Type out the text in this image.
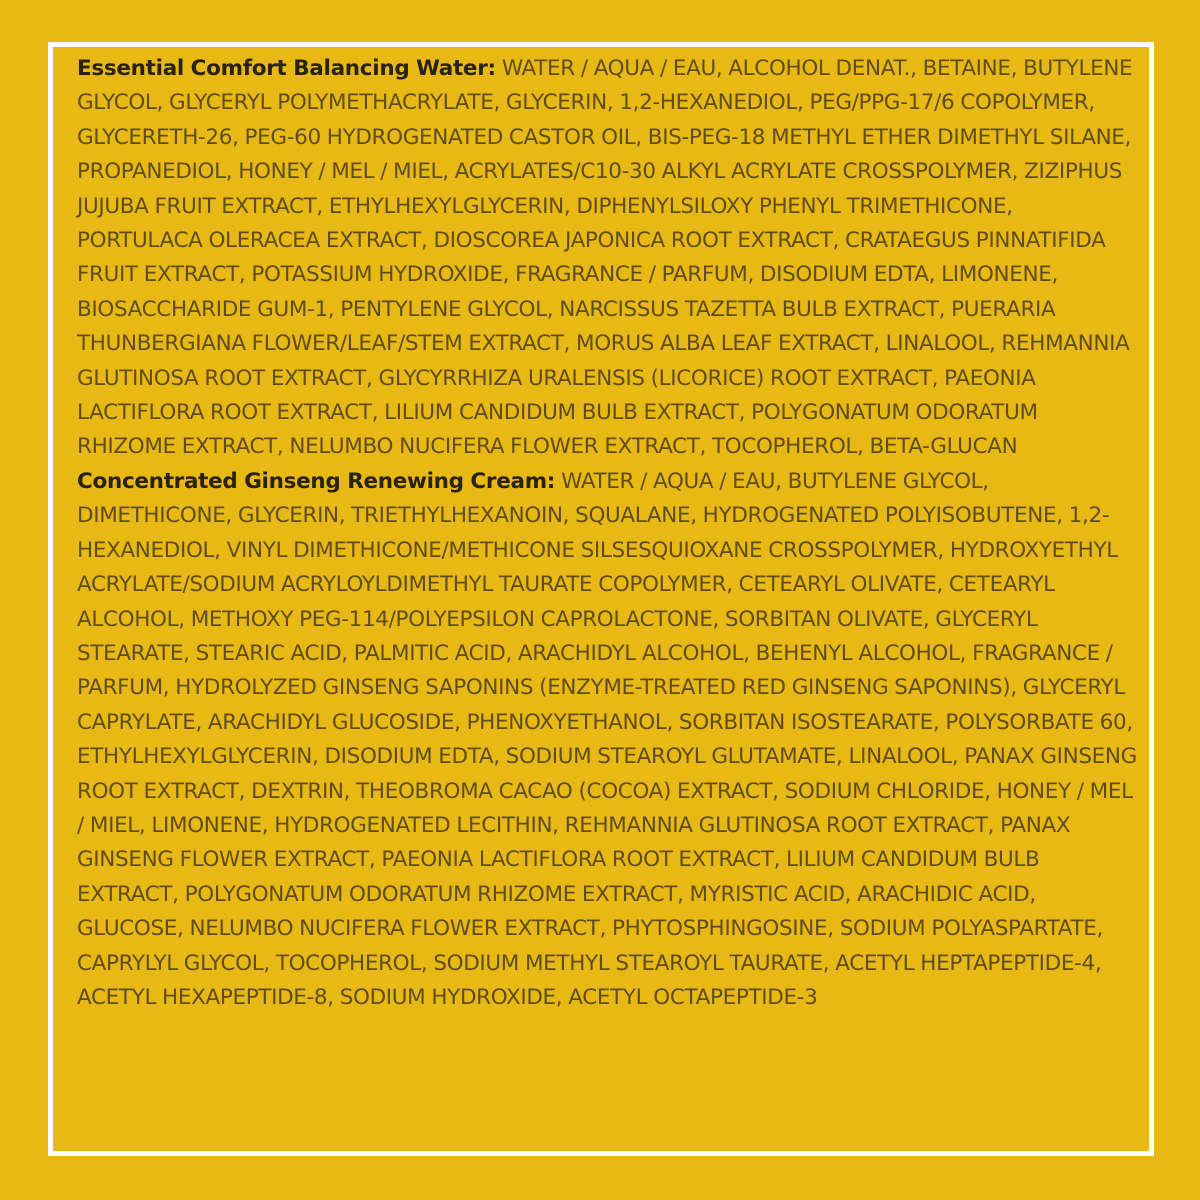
Essential Comfort Balancing Water: WATER / AQUA / EAU, ALCOHOL DENAT., BETAINE, BUTYLENE GLYCOL, GLYCERYL POLYMETHACRYLATE, GLYCERIN, 1,2-HEXANEDIOL, PEG/PPG-17/6 COPOLYMER, GLYCERETH-26, PEG-60 HYDROGENATED CASTOR OIL, BIS-PEG-18 METHYL ETHER DIMETHYL SILANE, PROPANEDIOL, HONEY / MEL / MIEL, ACRYLATES/C10-30 ALKYL ACRYLATE CROSSPOLYMER, ZIZIPHUS JUJUBA FRUIT EXTRACT, ETHYLHEXYLGLYCERIN, DIPHENYLSILOXY PHENYL TRIMETHICONE, PORTULACA OLERACEA EXTRACT, DIOSCOREA JAPONICA ROOT EXTRACT, CRATAEGUS PINNATIFIDA FRUIT EXTRACT, POTASSIUM HYDROXIDE, FRAGRANCE / PARFUM, DISODIUM EDTA, LIMONENE, BIOSACCHARIDE GUM-1, PENTYLENE GLYCOL, NARCISSUS TAZETTA BULB EXTRACT, PUERARIA THUNBERGIANA FLOWER/LEAF/STEM EXTRACT, MORUS ALBA LEAF EXTRACT, LINALOOL, REHMANNIA GLUTINOSA ROOT EXTRACT, GLYCYRRHIZA URALENSIS (LICORICE) ROOT EXTRACT, PAEONIA LACTIFLORA ROOT EXTRACT, LILIUM CANDIDUM BULB EXTRACT, POLYGONATUM ODORATUM RHIZOME EXTRACT, NELUMBO NUCIFERA FLOWER EXTRACT, TOCOPHEROL, BETA-GLUCAN

Concentrated Ginseng Renewing Cream: WATER / AQUA / EAU, BUTYLENE GLYCOL, DIMETHICONE, GLYCERIN, TRIETHYLHEXANOIN, SQUALANE, HYDROGENATED POLYISOBUTENE, 1,2-HEXANEDIOL, VINYL DIMETHICONE/METHICONE SILSESQUIOXANE CROSSPOLYMER, HYDROXYETHYL ACRYLATE/SODIUM ACRYLOYLDIMETHYL TAURATE COPOLYMER, CETEARYL OLIVATE, CETEARYL ALCOHOL, METHOXY PEG-114/POLYEPSILON CAPROLACTONE, SORBITAN OLIVATE, GLYCERYL STEARATE, STEARIC ACID, PALMITIC ACID, ARACHIDYL ALCOHOL, BEHENYL ALCOHOL, FRAGRANCE / PARFUM, HYDROLYZED GINSENG SAPONINS (ENZYME-TREATED RED GINSENG SAPONINS), GLYCERYL CAPRYLATE, ARACHIDYL GLUCOSIDE, PHENOXYETHANOL, SORBITAN ISOSTEARATE, POLYSORBATE 60, ETHYLHEXYLGLYCERIN, DISODIUM EDTA, SODIUM STEAROYL GLUTAMATE, LINALOOL, PANAX GINSENG ROOT EXTRACT, DEXTRIN, THEOBROMA CACAO (COCOA) EXTRACT, SODIUM CHLORIDE, HONEY / MEL / MIEL, LIMONENE, HYDROGENATED LECITHIN, REHMANNIA GLUTINOSA ROOT EXTRACT, PANAX GINSENG FLOWER EXTRACT, PAEONIA LACTIFLORA ROOT EXTRACT, LILIUM CANDIDUM BULB EXTRACT, POLYGONATUM ODORATUM RHIZOME EXTRACT, MYRISTIC ACID, ARACHIDIC ACID, GLUCOSE, NELUMBO NUCIFERA FLOWER EXTRACT, PHYTOSPHINGOSINE, SODIUM POLYASPARTATE, CAPRYLYL GLYCOL, TOCOPHEROL, SODIUM METHYL STEAROYL TAURATE, ACETYL HEPTAPEPTIDE-4, ACETYL HEXAPEPTIDE-8, SODIUM HYDROXIDE, ACETYL OCTAPEPTIDE-3
